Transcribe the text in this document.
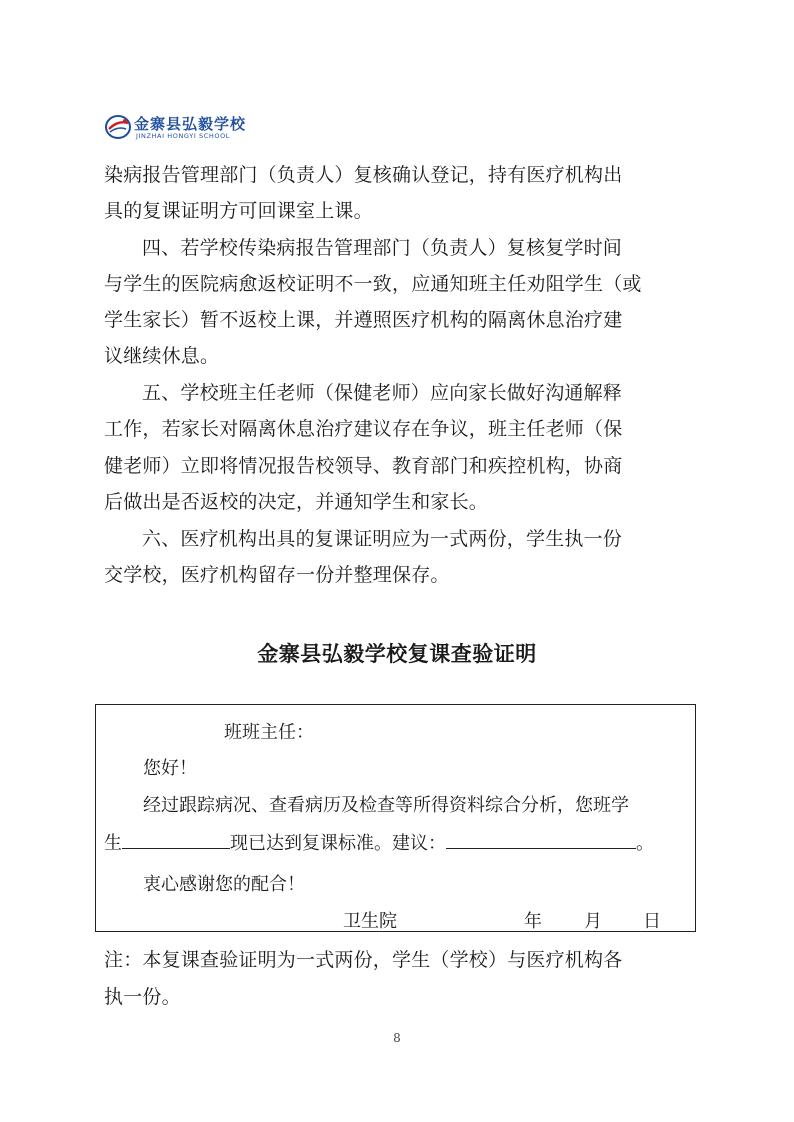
金寨县弘毅学校
JINZHAI HONGYI SCHOOL
染病报告管理部门（负责人）复核确认登记，持有医疗机构出
具的复课证明方可回课室上课。
四、若学校传染病报告管理部门（负责人）复核复学时间
与学生的医院病愈返校证明不一致，应通知班主任劝阻学生（或
学生家长）暂不返校上课，并遵照医疗机构的隔离休息治疗建
议继续休息。
五、学校班主任老师（保健老师）应向家长做好沟通解释
工作，若家长对隔离休息治疗建议存在争议，班主任老师（保
健老师）立即将情况报告校领导、教育部门和疾控机构，协商
后做出是否返校的决定，并通知学生和家长。
六、医疗机构出具的复课证明应为一式两份，学生执一份
交学校，医疗机构留存一份并整理保存。
金寨县弘毅学校复课查验证明
班班主任：
您好！
经过跟踪病况、查看病历及检查等所得资料综合分析，您班学
生	现已达到复课标准。建议：	。
衷心感谢您的配合！
卫生院	年 月 日
注：本复课查验证明为一式两份，学生（学校）与医疗机构各
执一份。
8
